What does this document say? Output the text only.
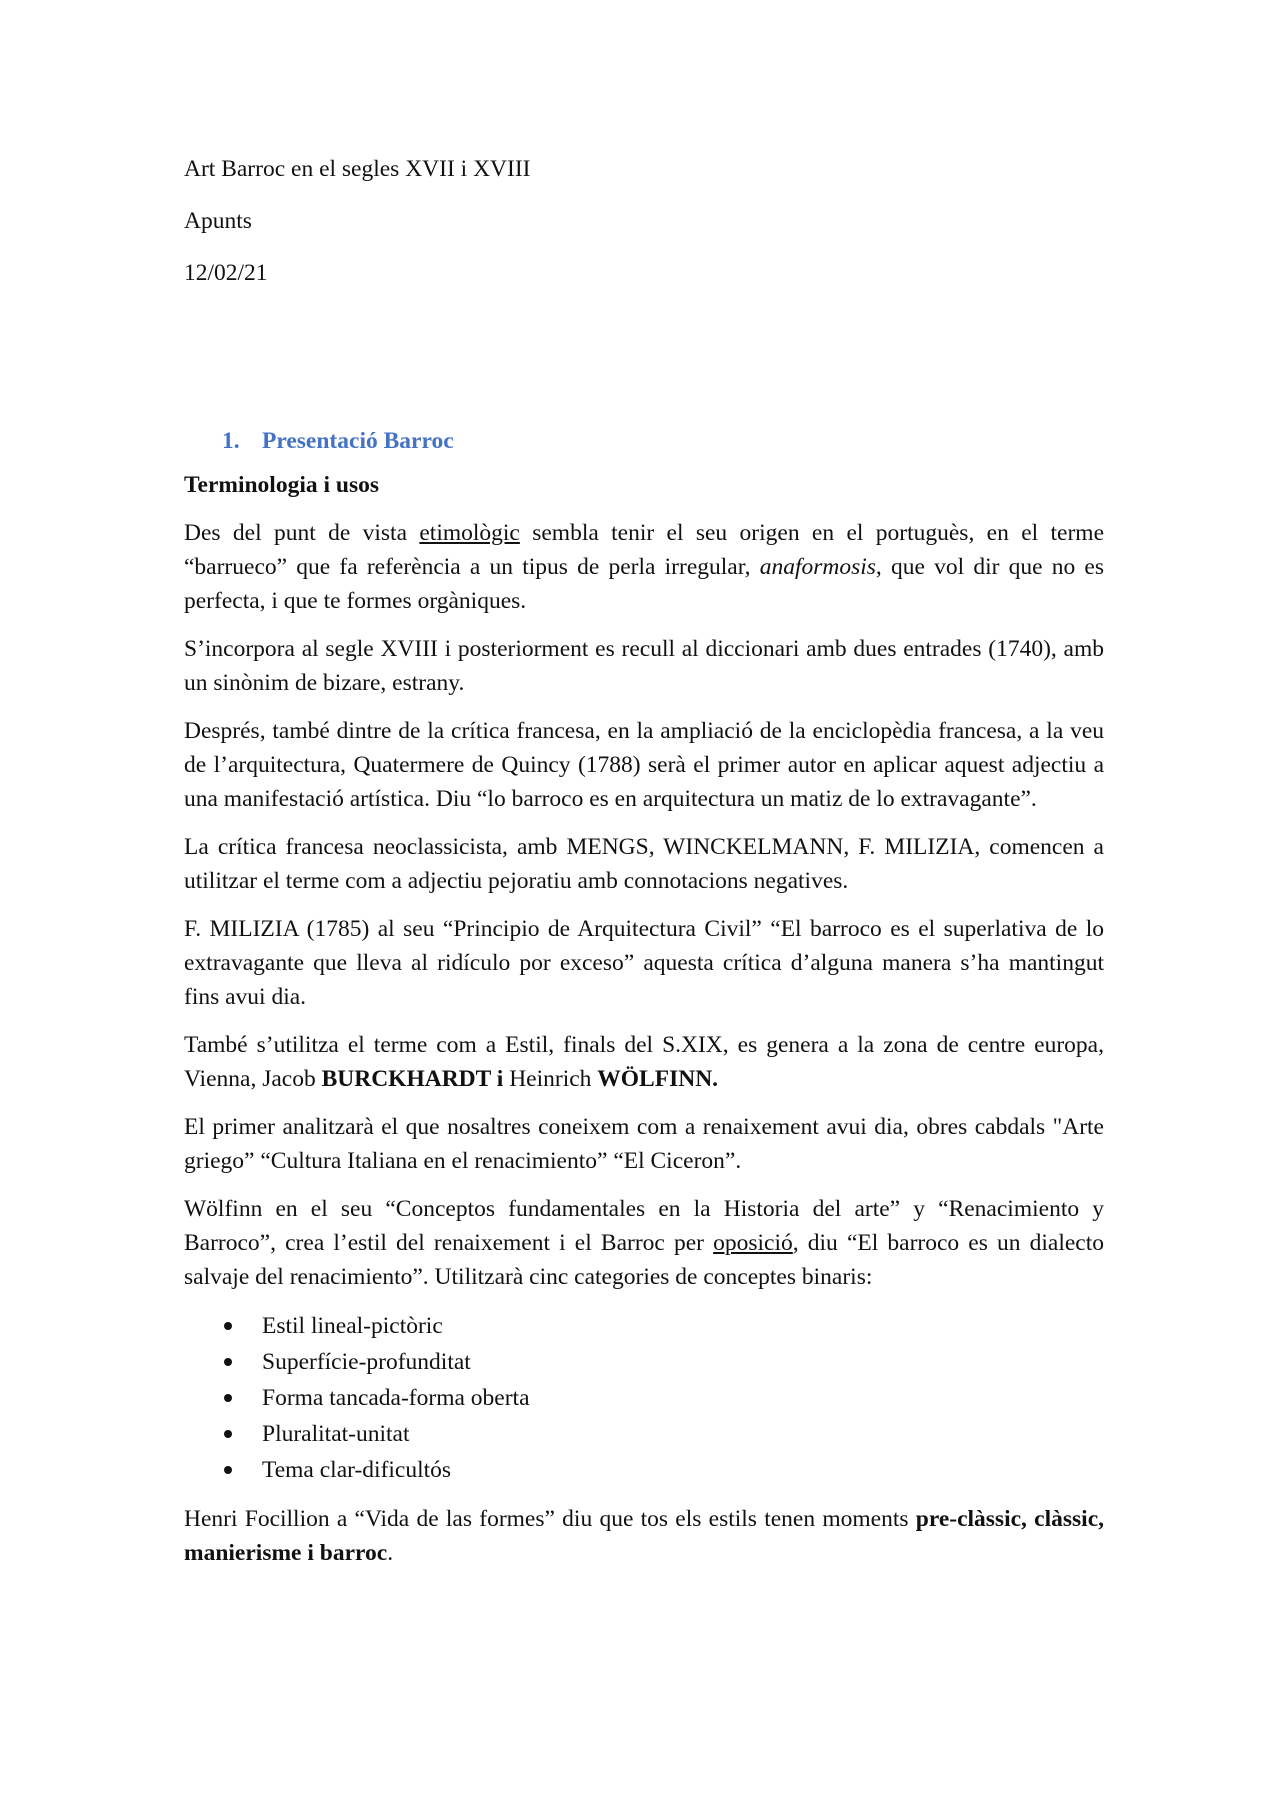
Art Barroc en el segles XVII i XVIII
Apunts
12/02/21
1. Presentació Barroc
Terminologia i usos

Des del punt de vista etimològic sembla tenir el seu origen en el portuguès, en el terme “barrueco” que fa referència a un tipus de perla irregular, anaformosis, que vol dir que no es perfecta, i que te formes orgàniques.

S’incorpora al segle XVIII i posteriorment es recull al diccionari amb dues entrades (1740), amb un sinònim de bizare, estrany.

Després, també dintre de la crítica francesa, en la ampliació de la enciclopèdia francesa, a la veu de l’arquitectura, Quatermere de Quincy (1788) serà el primer autor en aplicar aquest adjectiu a una manifestació artística. Diu “lo barroco es en arquitectura un matiz de lo extravagante”.

La crítica francesa neoclassicista, amb MENGS, WINCKELMANN, F. MILIZIA, comencen a utilitzar el terme com a adjectiu pejoratiu amb connotacions negatives.

F. MILIZIA (1785) al seu “Principio de Arquitectura Civil” “El barroco es el superlativa de lo extravagante que lleva al ridículo por exceso” aquesta crítica d’alguna manera s’ha mantingut fins avui dia.

També s’utilitza el terme com a Estil, finals del S.XIX, es genera a la zona de centre europa, Vienna, Jacob BURCKHARDT i Heinrich WÖLFINN.

El primer analitzarà el que nosaltres coneixem com a renaixement avui dia, obres cabdals "Arte griego” “Cultura Italiana en el renacimiento” “El Ciceron”.

Wölfinn en el seu “Conceptos fundamentales en la Historia del arte” y “Renacimiento y Barroco”, crea l’estil del renaixement i el Barroc per oposició, diu “El barroco es un dialecto salvaje del renacimiento”. Utilitzarà cinc categories de conceptes binaris:

Estil lineal-pictòric
Superfície-profunditat
Forma tancada-forma oberta
Pluralitat-unitat
Tema clar-dificultós

Henri Focillion a “Vida de las formes” diu que tos els estils tenen moments pre-clàssic, clàssic, manierisme i barroc.
